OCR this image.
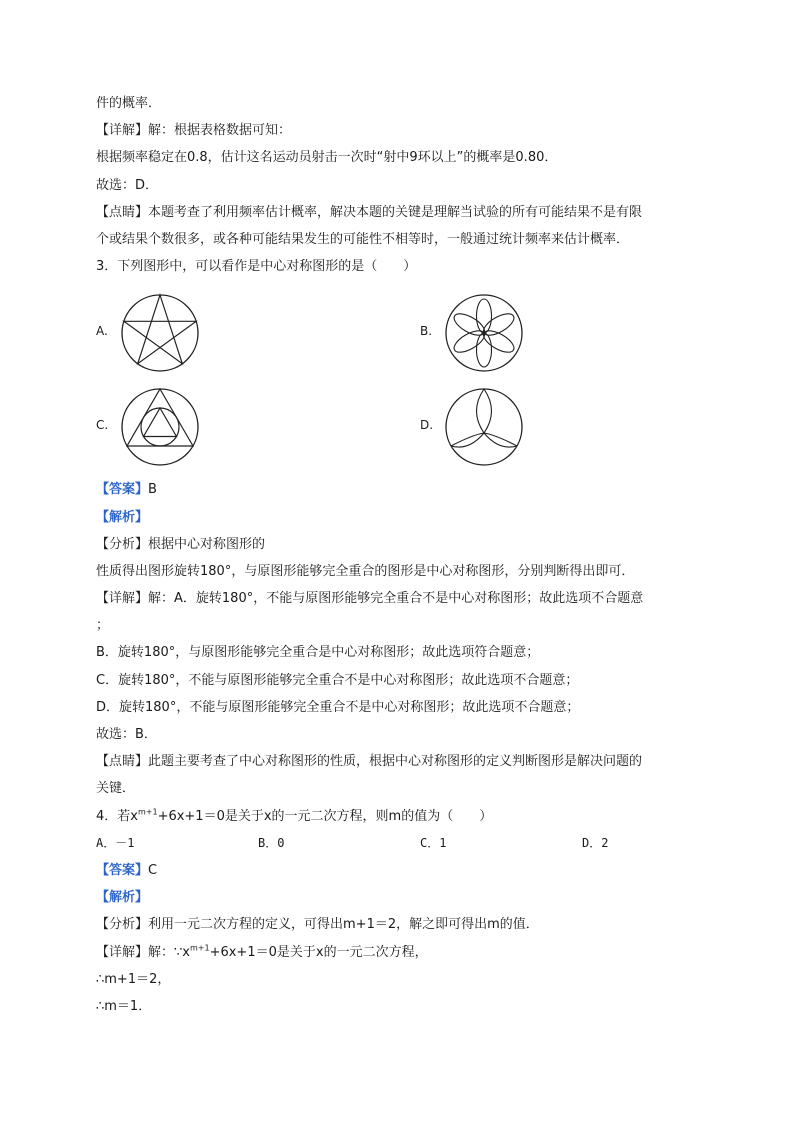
件的概率．
【详解】解：根据表格数据可知：
根据频率稳定在0.8，估计这名运动员射击一次时“射中9环以上”的概率是0.80．
故选：D．
【点睛】本题考查了利用频率估计概率，解决本题的关键是理解当试验的所有可能结果不是有限
个或结果个数很多，或各种可能结果发生的可能性不相等时，一般通过统计频率来估计概率．
3．下列图形中，可以看作是中心对称图形的是（　　）
A.	B.
C.	D.
【答案】B
【解析】
【分析】根据中心对称图形的
性质得出图形旋转180°，与原图形能够完全重合的图形是中心对称图形，分别判断得出即可．
【详解】解：A．旋转180°，不能与原图形能够完全重合不是中心对称图形；故此选项不合题意
；
B．旋转180°，与原图形能够完全重合是中心对称图形；故此选项符合题意；
C．旋转180°，不能与原图形能够完全重合不是中心对称图形；故此选项不合题意；
D．旋转180°，不能与原图形能够完全重合不是中心对称图形；故此选项不合题意；
故选：B．
【点睛】此题主要考查了中心对称图形的性质，根据中心对称图形的定义判断图形是解决问题的
关键．
4．若$x^{m+1}+6x+1=0$是关于x的一元二次方程，则m的值为（　　）
A．－1	B．0	C．1	D．2
【答案】C
【解析】
【分析】利用一元二次方程的定义，可得出m+1＝2，解之即可得出m的值．
【详解】解：$\because x^{m+1}+6x+1=0$是关于x的一元二次方程，
∴m+1＝2，
∴m＝1．
